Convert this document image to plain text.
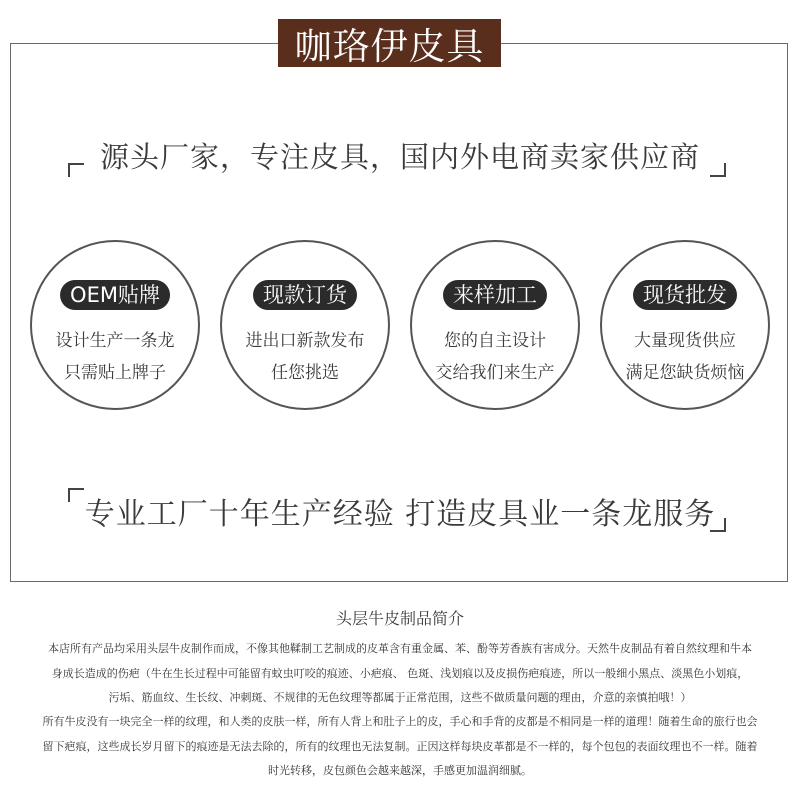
咖珞伊皮具
源头厂家，专注皮具，国内外电商卖家供应商
OEM贴牌
设计生产一条龙
只需贴上牌子
现款订货
进出口新款发布
任您挑选
来样加工
您的自主设计
交给我们来生产
现货批发
大量现货供应
满足您缺货烦恼
专业工厂十年生产经验 打造皮具业一条龙服务
头层牛皮制品简介
本店所有产品均采用头层牛皮制作而成，不像其他鞣制工艺制成的皮革含有重金属、苯、酚等芳香族有害成分。天然牛皮制品有着自然纹理和牛本
身成长造成的伤疤（牛在生长过程中可能留有蚊虫叮咬的痕迹、小疤痕、 色斑、浅划痕以及皮损伤疤痕迹，所以一般细小黑点、淡黑色小划痕，
污垢、筋血纹、生长纹、冲刺斑、不规律的无色纹理等都属于正常范围，这些不做质量问题的理由，介意的亲慎拍哦！）
所有牛皮没有一块完全一样的纹理，和人类的皮肤一样，所有人背上和肚子上的皮，手心和手背的皮都是不相同是一样的道理！随着生命的旅行也会
留下疤痕，这些成长岁月留下的痕迹是无法去除的，所有的纹理也无法复制。正因这样每块皮革都是不一样的，每个包包的表面纹理也不一样。随着
时光转移，皮包颜色会越来越深，手感更加温润细腻。
